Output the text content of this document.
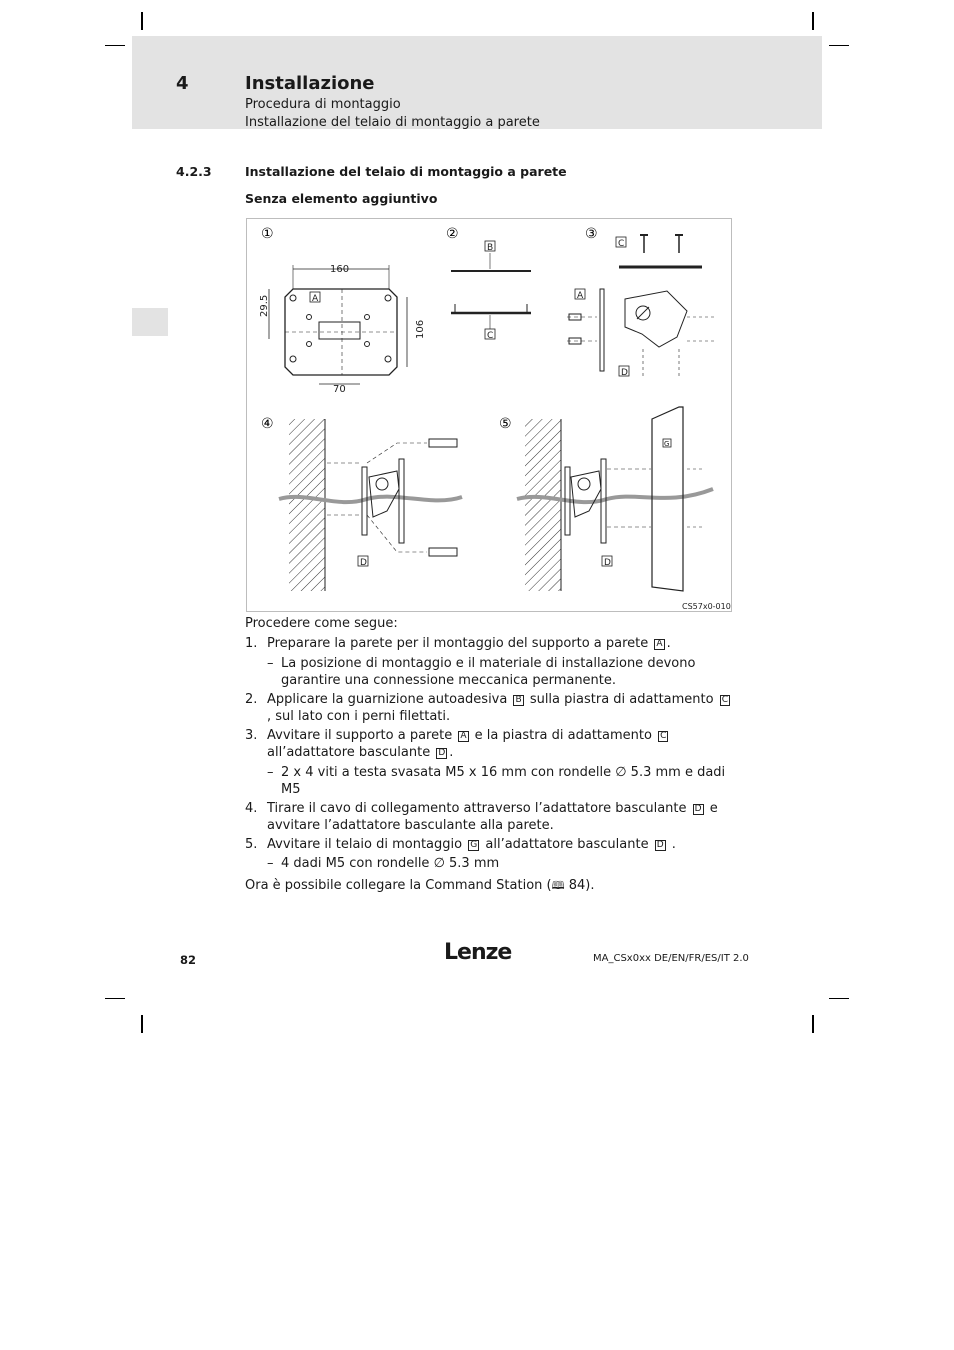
4	Installazione
Procedura di montaggio
Installazione del telaio di montaggio a parete
4.2.3	Installazione del telaio di montaggio a parete
Senza elemento aggiuntivo
①	②	③
④	⑤
160
29.5
106
70
A
B
C
C
A
D
D
G
D
CS57x0-010

Procedere come segue:

1. Preparare la parete per il montaggio del supporto a parete A .
– La posizione di montaggio e il materiale di installazione devono garantire una connessione meccanica permanente.
2. Applicare la guarnizione autoadesiva B sulla piastra di adattamento C, sul lato con i perni filettati.
3. Avvitare il supporto a parete A e la piastra di adattamento C all’adattatore basculante D .
– 2 x 4 viti a testa svasata M5 x 16 mm con rondelle ∅ 5.3 mm e dadi M5
4. Tirare il cavo di collegamento attraverso l’adattatore basculante D e avvitare l’adattatore basculante alla parete.
5. Avvitare il telaio di montaggio G all’adattatore basculante D .
– 4 dadi M5 con rondelle ∅ 5.3 mm

Ora è possibile collegare la Command Station (🕮 84).

82	Lenze	MA_CSx0xx DE/EN/FR/ES/IT 2.0
